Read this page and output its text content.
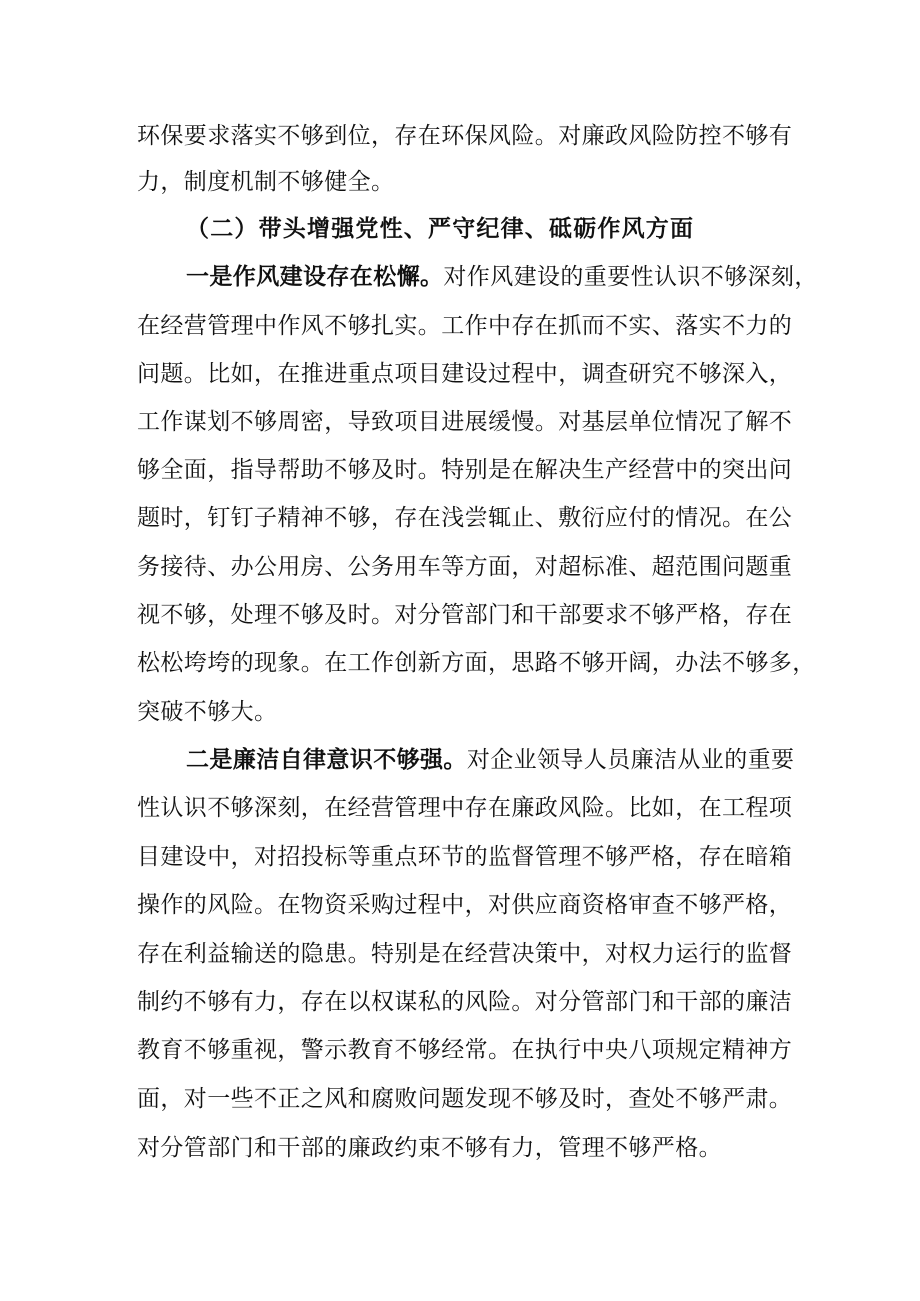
环保要求落实不够到位，存在环保风险。对廉政风险防控不够有
力，制度机制不够健全。
（二）带头增强党性、严守纪律、砥砺作风方面
一是作风建设存在松懈。对作风建设的重要性认识不够深刻，
在经营管理中作风不够扎实。工作中存在抓而不实、落实不力的
问题。比如，在推进重点项目建设过程中，调查研究不够深入，
工作谋划不够周密，导致项目进展缓慢。对基层单位情况了解不
够全面，指导帮助不够及时。特别是在解决生产经营中的突出问
题时，钉钉子精神不够，存在浅尝辄止、敷衍应付的情况。在公
务接待、办公用房、公务用车等方面，对超标准、超范围问题重
视不够，处理不够及时。对分管部门和干部要求不够严格，存在
松松垮垮的现象。在工作创新方面，思路不够开阔，办法不够多，
突破不够大。
二是廉洁自律意识不够强。对企业领导人员廉洁从业的重要
性认识不够深刻，在经营管理中存在廉政风险。比如，在工程项
目建设中，对招投标等重点环节的监督管理不够严格，存在暗箱
操作的风险。在物资采购过程中，对供应商资格审查不够严格，
存在利益输送的隐患。特别是在经营决策中，对权力运行的监督
制约不够有力，存在以权谋私的风险。对分管部门和干部的廉洁
教育不够重视，警示教育不够经常。在执行中央八项规定精神方
面，对一些不正之风和腐败问题发现不够及时，查处不够严肃。
对分管部门和干部的廉政约束不够有力，管理不够严格。
